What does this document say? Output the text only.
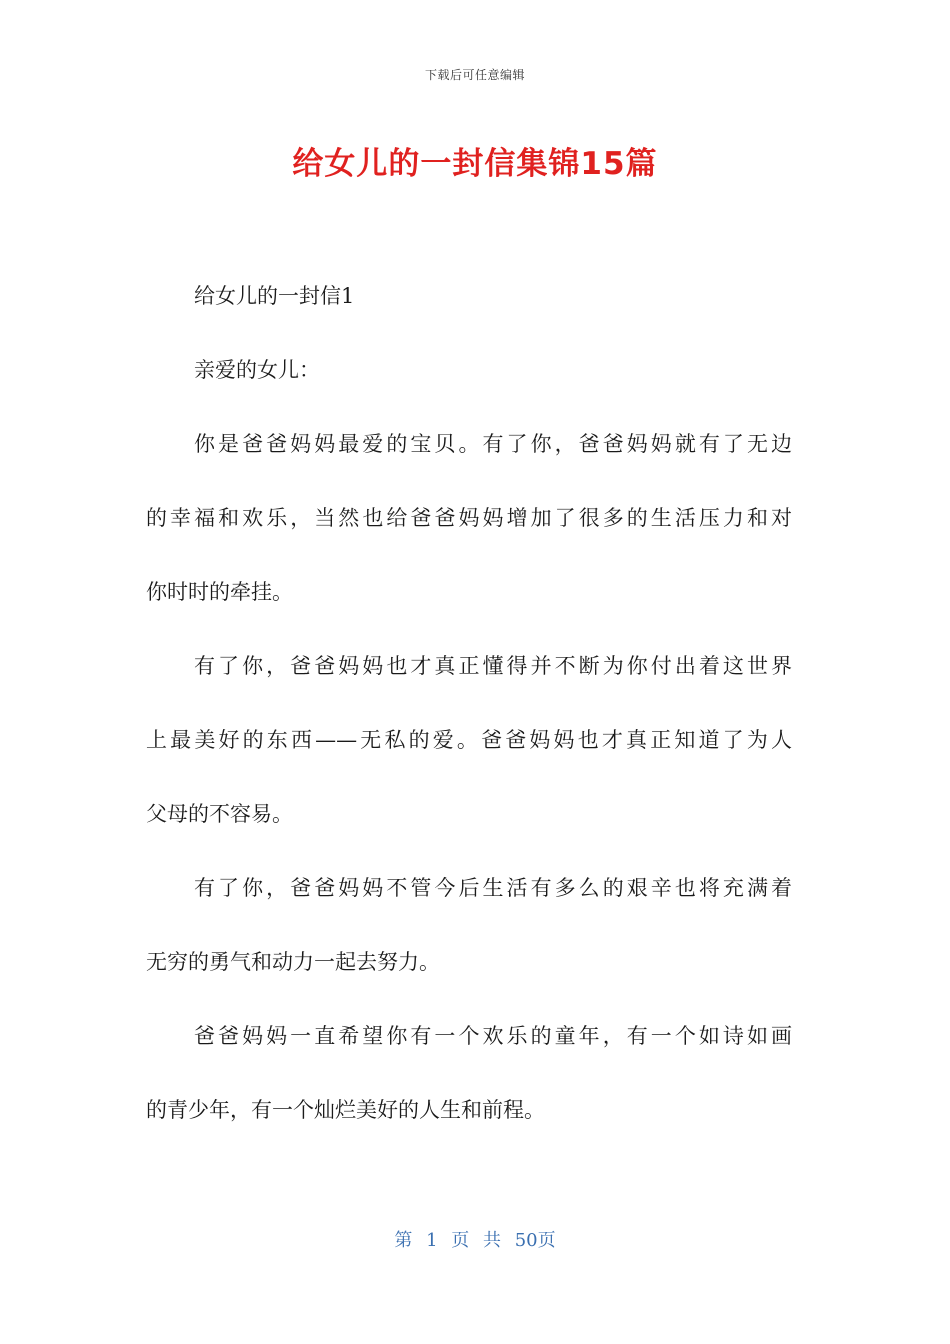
下载后可任意编辑
给女儿的一封信集锦15篇
给女儿的一封信1
亲爱的女儿：
你是爸爸妈妈最爱的宝贝。有了你，爸爸妈妈就有了无边
的幸福和欢乐，当然也给爸爸妈妈增加了很多的生活压力和对
你时时的牵挂。
有了你，爸爸妈妈也才真正懂得并不断为你付出着这世界
上最美好的东西——无私的爱。爸爸妈妈也才真正知道了为人
父母的不容易。
有了你，爸爸妈妈不管今后生活有多么的艰辛也将充满着
无穷的勇气和动力一起去努力。
爸爸妈妈一直希望你有一个欢乐的童年，有一个如诗如画
的青少年，有一个灿烂美好的人生和前程。
第 1 页 共 50页
